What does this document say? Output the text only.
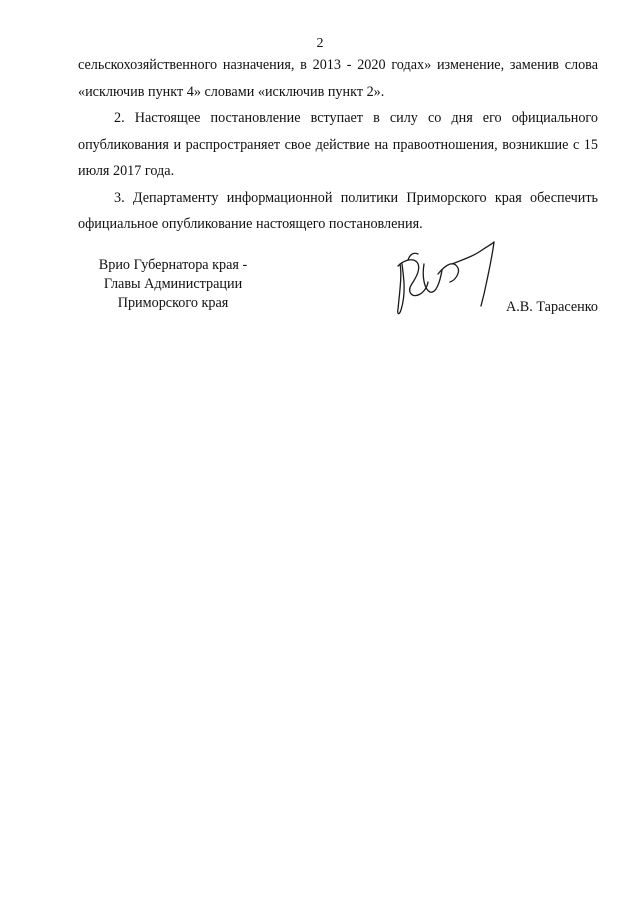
2

сельскохозяйственного назначения, в 2013 - 2020 годах» изменение, заменив слова «исключив пункт 4» словами «исключив пункт 2».

2. Настоящее постановление вступает в силу со дня его официального опубликования и распространяет свое действие на правоотношения, возникшие с 15 июля 2017 года.

3. Департаменту информационной политики Приморского края обеспечить официальное опубликование настоящего постановления.

Врио Губернатора края -
Главы Администрации
Приморского края	А.В. Тарасенко
